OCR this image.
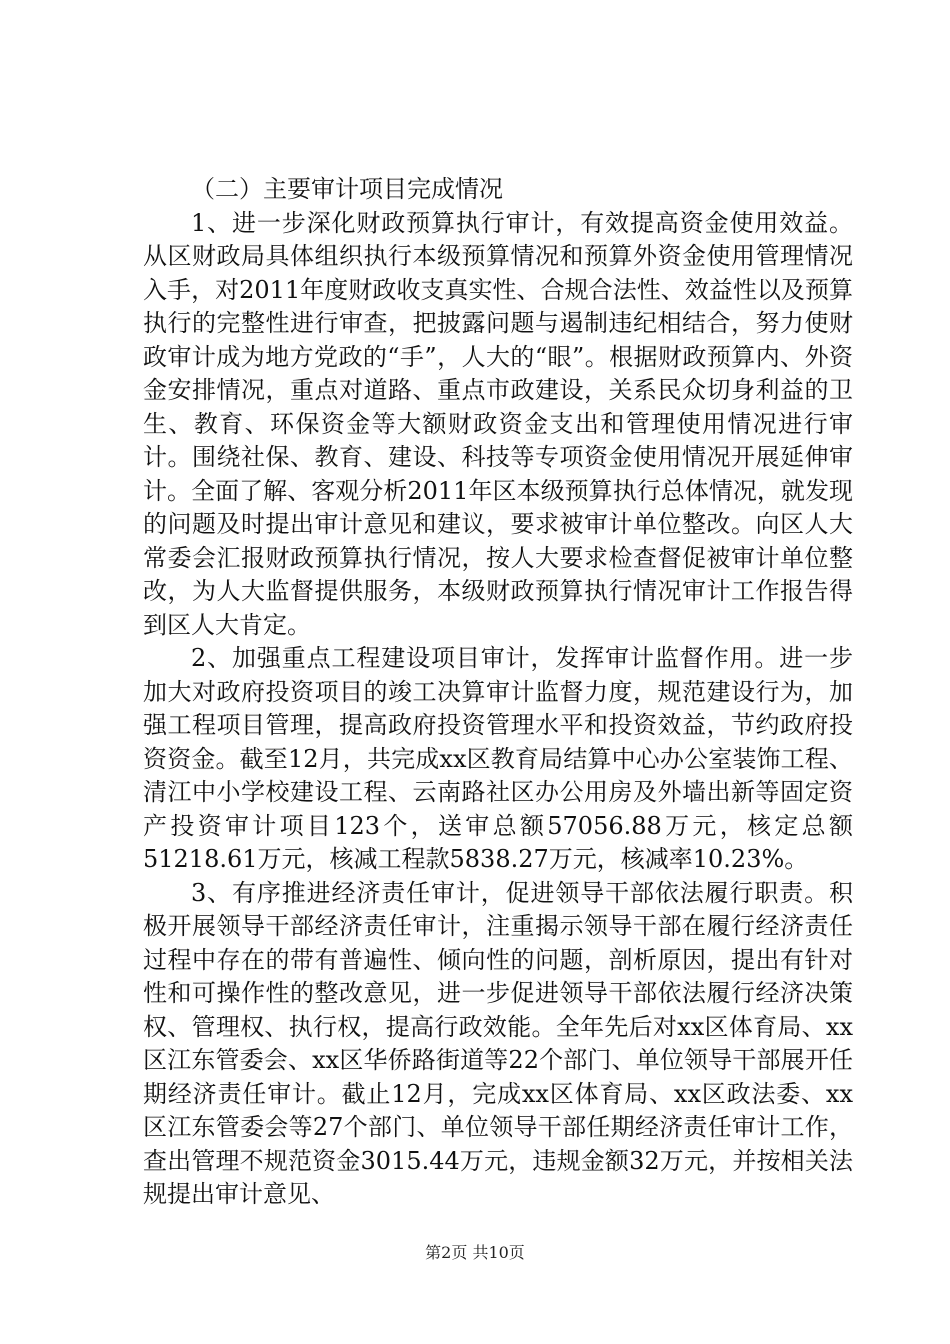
（二）主要审计项目完成情况

1、进一步深化财政预算执行审计，有效提高资金使用效益。从区财政局具体组织执行本级预算情况和预算外资金使用管理情况入手，对2011年度财政收支真实性、合规合法性、效益性以及预算执行的完整性进行审查，把披露问题与遏制违纪相结合，努力使财政审计成为地方党政的“手”，人大的“眼”。根据财政预算内、外资金安排情况，重点对道路、重点市政建设，关系民众切身利益的卫生、教育、环保资金等大额财政资金支出和管理使用情况进行审计。围绕社保、教育、建设、科技等专项资金使用情况开展延伸审计。全面了解、客观分析2011年区本级预算执行总体情况，就发现的问题及时提出审计意见和建议，要求被审计单位整改。向区人大常委会汇报财政预算执行情况，按人大要求检查督促被审计单位整改，为人大监督提供服务，本级财政预算执行情况审计工作报告得到区人大肯定。

2、加强重点工程建设项目审计，发挥审计监督作用。进一步加大对政府投资项目的竣工决算审计监督力度，规范建设行为，加强工程项目管理，提高政府投资管理水平和投资效益，节约政府投资资金。截至12月，共完成xx区教育局结算中心办公室装饰工程、清江中小学校建设工程、云南路社区办公用房及外墙出新等固定资产投资审计项目123个，送审总额57056.88万元，核定总额51218.61万元，核减工程款5838.27万元，核减率10.23%。

3、有序推进经济责任审计，促进领导干部依法履行职责。积极开展领导干部经济责任审计，注重揭示领导干部在履行经济责任过程中存在的带有普遍性、倾向性的问题，剖析原因，提出有针对性和可操作性的整改意见，进一步促进领导干部依法履行经济决策权、管理权、执行权，提高行政效能。全年先后对xx区体育局、xx区江东管委会、xx区华侨路街道等22个部门、单位领导干部展开任期经济责任审计。截止12月，完成xx区体育局、xx区政法委、xx区江东管委会等27个部门、单位领导干部任期经济责任审计工作，查出管理不规范资金3015.44万元，违规金额32万元，并按相关法规提出审计意见、

第2页 共10页
